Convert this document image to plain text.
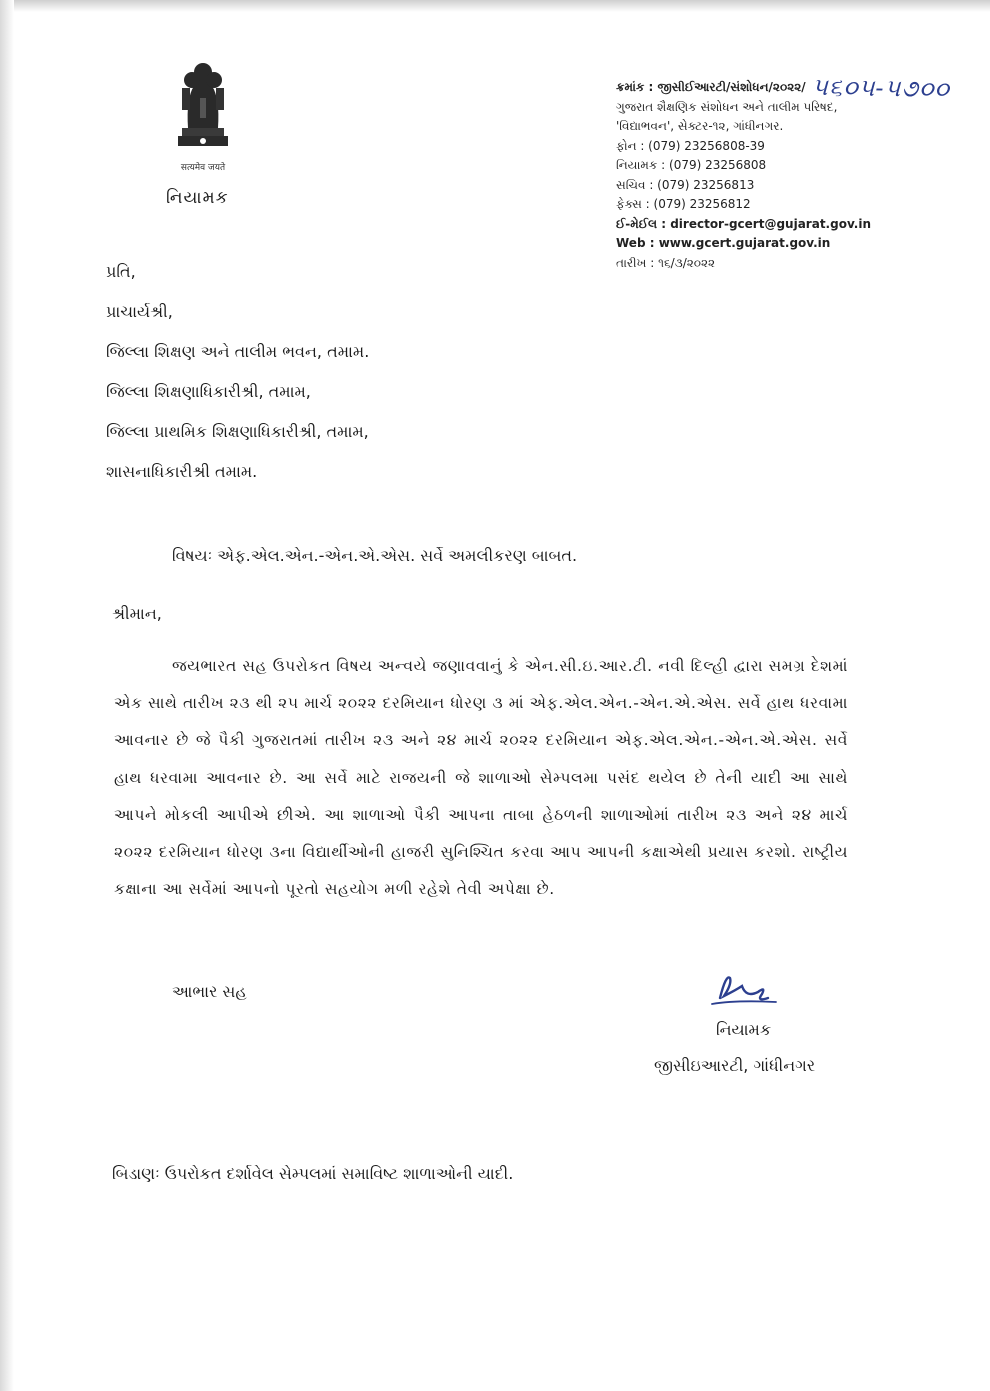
सत्यमेव जयते
નિયામક
ક્રમાંક : જીસીઈઆરટી/સંશોધન/૨૦૨૨/
ગુજરાત શૈક્ષણિક સંશોધન અને તાલીમ પરિષદ,
'વિદ્યાભવન', સેક્ટર-૧૨, ગાંધીનગર.
ફોન : (079) 23256808-39
નિયામક : (079) 23256808
સચિવ : (079) 23256813
ફેક્સ : (079) 23256812
ઈ-મેઈલ : director-gcert@gujarat.gov.in
Web : www.gcert.gujarat.gov.in
તારીખ : ૧૬/૩/૨૦૨૨
૫૬૦૫-૫૭૦૦
પ્રતિ,
પ્રાચાર્યશ્રી,
જિલ્લા શિક્ષણ અને તાલીમ ભવન, તમામ.
જિલ્લા શિક્ષણાધિકારીશ્રી, તમામ,
જિલ્લા પ્રાથમિક શિક્ષણાધિકારીશ્રી, તમામ,
શાસનાધિકારીશ્રી તમામ.
વિષયઃ એફ.એલ.એન.-એન.એ.એસ. સર્વે અમલીકરણ બાબત.
શ્રીમાન,
જયભારત સહ ઉપરોકત વિષય અન્વયે જણાવવાનું કે એન.સી.ઇ.આર.ટી. નવી દિલ્હી દ્વારા સમગ્ર દેશમાં એક સાથે તારીખ ૨૩ થી ૨૫ માર્ચ ૨૦૨૨ દરમિયાન ધોરણ ૩ માં એફ.એલ.એન.-એન.એ.એસ. સર્વે હાથ ધરવામા આવનાર છે જે પૈકી ગુજરાતમાં તારીખ ૨૩ અને ૨૪ માર્ચ ૨૦૨૨ દરમિયાન એફ.એલ.એન.-એન.એ.એસ. સર્વે હાથ ધરવામા આવનાર છે. આ સર્વે માટે રાજયની જે શાળાઓ સેમ્પલમા પસંદ થયેલ છે તેની યાદી આ સાથે આપને મોકલી આપીએ છીએ. આ શાળાઓ પૈકી આપના તાબા હેઠળની શાળાઓમાં તારીખ ૨૩ અને ૨૪ માર્ચ ૨૦૨૨ દરમિયાન ધોરણ ૩ના વિદ્યાર્થીઓની હાજરી સુનિશ્ચિત કરવા આપ આપની કક્ષાએથી પ્રયાસ કરશો. રાષ્ટ્રીય કક્ષાના આ સર્વેમાં આપનો પૂરતો સહયોગ મળી રહેશે તેવી અપેક્ષા છે.
આભાર સહ
નિયામક
જીસીઇઆરટી, ગાંધીનગર
બિડાણઃ ઉપરોકત દર્શાવેલ સેમ્પલમાં સમાવિષ્ટ શાળાઓની યાદી.
